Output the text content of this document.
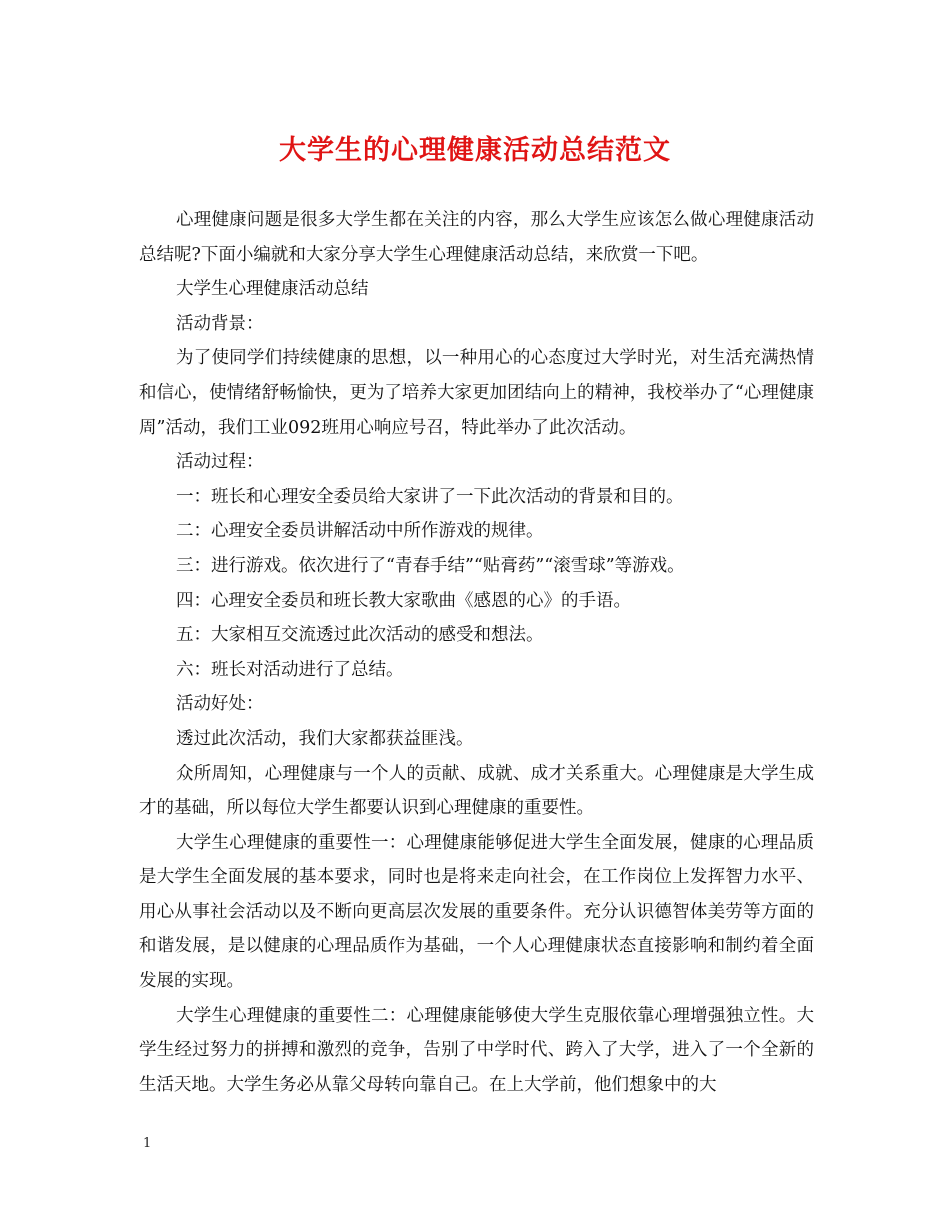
大学生的心理健康活动总结范文

心理健康问题是很多大学生都在关注的内容，那么大学生应该怎么做心理健康活动总结呢?下面小编就和大家分享大学生心理健康活动总结，来欣赏一下吧。

大学生心理健康活动总结

活动背景：

为了使同学们持续健康的思想，以一种用心的心态度过大学时光，对生活充满热情和信心，使情绪舒畅愉快，更为了培养大家更加团结向上的精神，我校举办了“心理健康周”活动，我们工业092班用心响应号召，特此举办了此次活动。

活动过程：

一：班长和心理安全委员给大家讲了一下此次活动的背景和目的。

二：心理安全委员讲解活动中所作游戏的规律。

三：进行游戏。依次进行了“青春手结”“贴膏药”“滚雪球”等游戏。

四：心理安全委员和班长教大家歌曲《感恩的心》的手语。

五：大家相互交流透过此次活动的感受和想法。

六：班长对活动进行了总结。

活动好处：

透过此次活动，我们大家都获益匪浅。

众所周知，心理健康与一个人的贡献、成就、成才关系重大。心理健康是大学生成才的基础，所以每位大学生都要认识到心理健康的重要性。

大学生心理健康的重要性一：心理健康能够促进大学生全面发展，健康的心理品质是大学生全面发展的基本要求，同时也是将来走向社会，在工作岗位上发挥智力水平、用心从事社会活动以及不断向更高层次发展的重要条件。充分认识德智体美劳等方面的和谐发展，是以健康的心理品质作为基础，一个人心理健康状态直接影响和制约着全面发展的实现。

大学生心理健康的重要性二：心理健康能够使大学生克服依靠心理增强独立性。大学生经过努力的拼搏和激烈的竞争，告别了中学时代、跨入了大学，进入了一个全新的生活天地。大学生务必从靠父母转向靠自己。在上大学前，他们想象中的大

1
